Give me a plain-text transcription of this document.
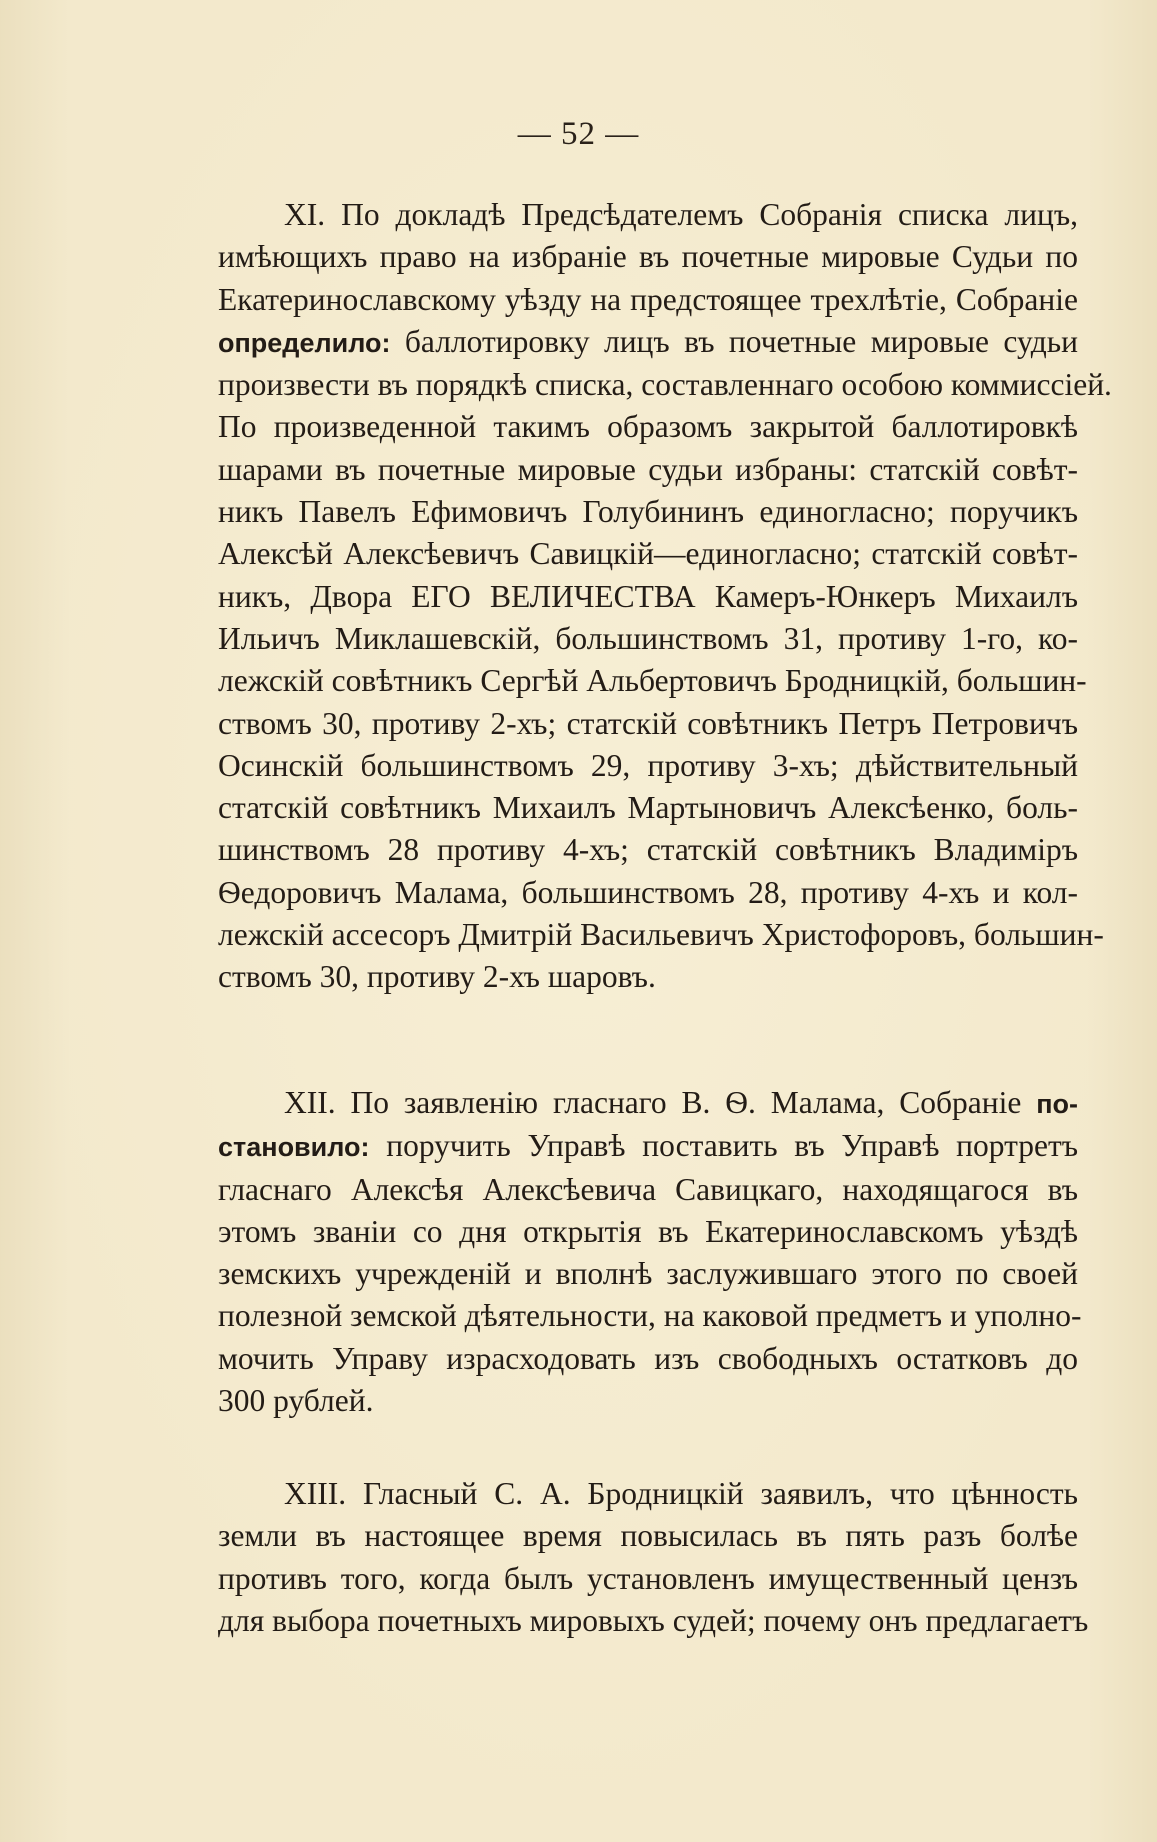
— 52 —
XI. По докладѣ Предсѣдателемъ Собранія списка лицъ,
имѣющихъ право на избраніе въ почетные мировые Судьи по
Екатеринославскому уѣзду на предстоящее трехлѣтіе, Собраніе
определило: баллотировку лицъ въ почетные мировые судьи
произвести въ порядкѣ списка, составленнаго особою коммиссіей.
По произведенной такимъ образомъ закрытой баллотировкѣ
шарами въ почетные мировые судьи избраны: статскій совѣт-
никъ Павелъ Ефимовичъ Голубининъ единогласно; поручикъ
Алексѣй Алексѣевичъ Савицкій—единогласно; статскій совѣт-
никъ, Двора ЕГО ВЕЛИЧЕСТВА Камеръ-Юнкеръ Михаилъ
Ильичъ Миклашевскій, большинствомъ 31, противу 1-го, ко-
лежскій совѣтникъ Сергѣй Альбертовичъ Бродницкій, большин-
ствомъ 30, противу 2-хъ; статскій совѣтникъ Петръ Петровичъ
Осинскій большинствомъ 29, противу 3-хъ; дѣйствительный
статскій совѣтникъ Михаилъ Мартыновичъ Алексѣенко, боль-
шинствомъ 28 противу 4-хъ; статскій совѣтникъ Владиміръ
Ѳедоровичъ Малама, большинствомъ 28, противу 4-хъ и кол-
лежскій ассесоръ Дмитрій Васильевичъ Христофоровъ, большин-
ствомъ 30, противу 2-хъ шаровъ.
XII. По заявленію гласнаго В. Ѳ. Малама, Собраніе по-
становило: поручить Управѣ поставить въ Управѣ портретъ
гласнаго Алексѣя Алексѣевича Савицкаго, находящагося въ
этомъ званіи со дня открытія въ Екатеринославскомъ уѣздѣ
земскихъ учрежденій и вполнѣ заслужившаго этого по своей
полезной земской дѣятельности, на каковой предметъ и уполно-
мочить Управу израсходовать изъ свободныхъ остатковъ до
300 рублей.
XIII. Гласный С. А. Бродницкій заявилъ, что цѣнность
земли въ настоящее время повысилась въ пять разъ болѣе
противъ того, когда былъ установленъ имущественный цензъ
для выбора почетныхъ мировыхъ судей; почему онъ предлагаетъ
